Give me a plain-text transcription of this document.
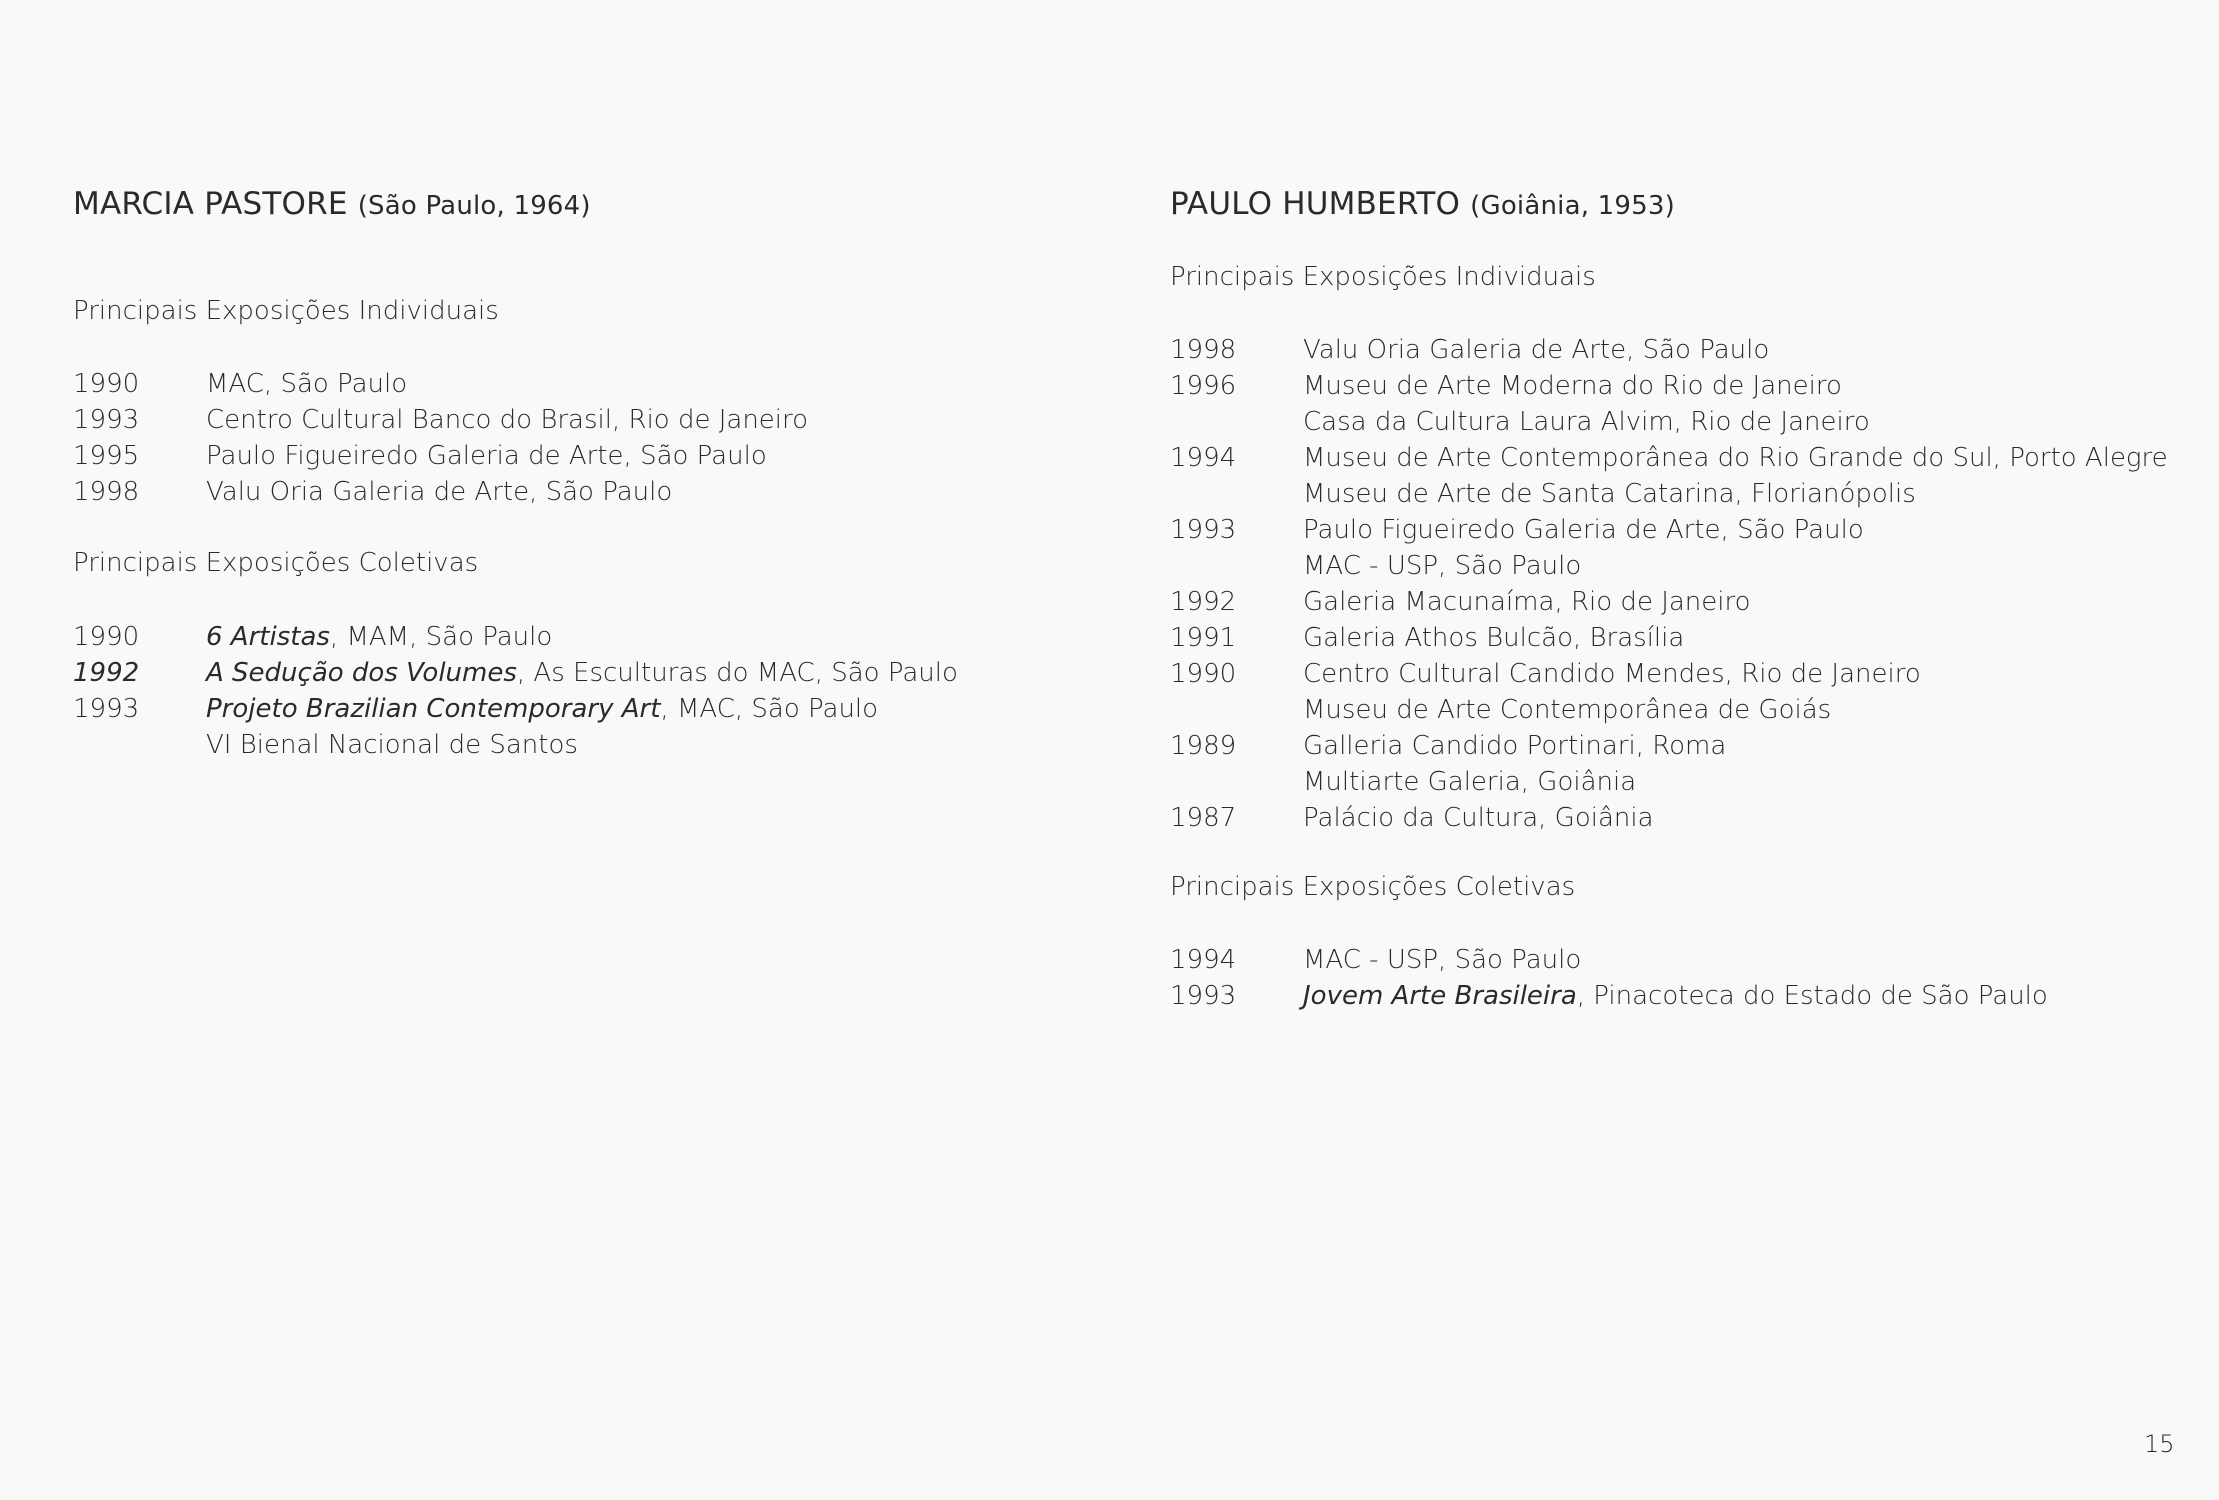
MARCIA PASTORE (São Paulo, 1964)
Principais Exposições Individuais
1990	MAC, São Paulo
1993	Centro Cultural Banco do Brasil, Rio de Janeiro
1995	Paulo Figueiredo Galeria de Arte, São Paulo
1998	Valu Oria Galeria de Arte, São Paulo
Principais Exposições Coletivas
1990	6 Artistas, MAM, São Paulo
1992	A Sedução dos Volumes, As Esculturas do MAC, São Paulo
1993	Projeto Brazilian Contemporary Art, MAC, São Paulo
VI Bienal Nacional de Santos
PAULO HUMBERTO (Goiânia, 1953)
Principais Exposições Individuais
1998	Valu Oria Galeria de Arte, São Paulo
1996	Museu de Arte Moderna do Rio de Janeiro
Casa da Cultura Laura Alvim, Rio de Janeiro
1994	Museu de Arte Contemporânea do Rio Grande do Sul, Porto Alegre
Museu de Arte de Santa Catarina, Florianópolis
1993	Paulo Figueiredo Galeria de Arte, São Paulo
MAC - USP, São Paulo
1992	Galeria Macunaíma, Rio de Janeiro
1991	Galeria Athos Bulcão, Brasília
1990	Centro Cultural Candido Mendes, Rio de Janeiro
Museu de Arte Contemporânea de Goiás
1989	Galleria Candido Portinari, Roma
Multiarte Galeria, Goiânia
1987	Palácio da Cultura, Goiânia
Principais Exposições Coletivas
1994	MAC - USP, São Paulo
1993	Jovem Arte Brasileira, Pinacoteca do Estado de São Paulo
15
